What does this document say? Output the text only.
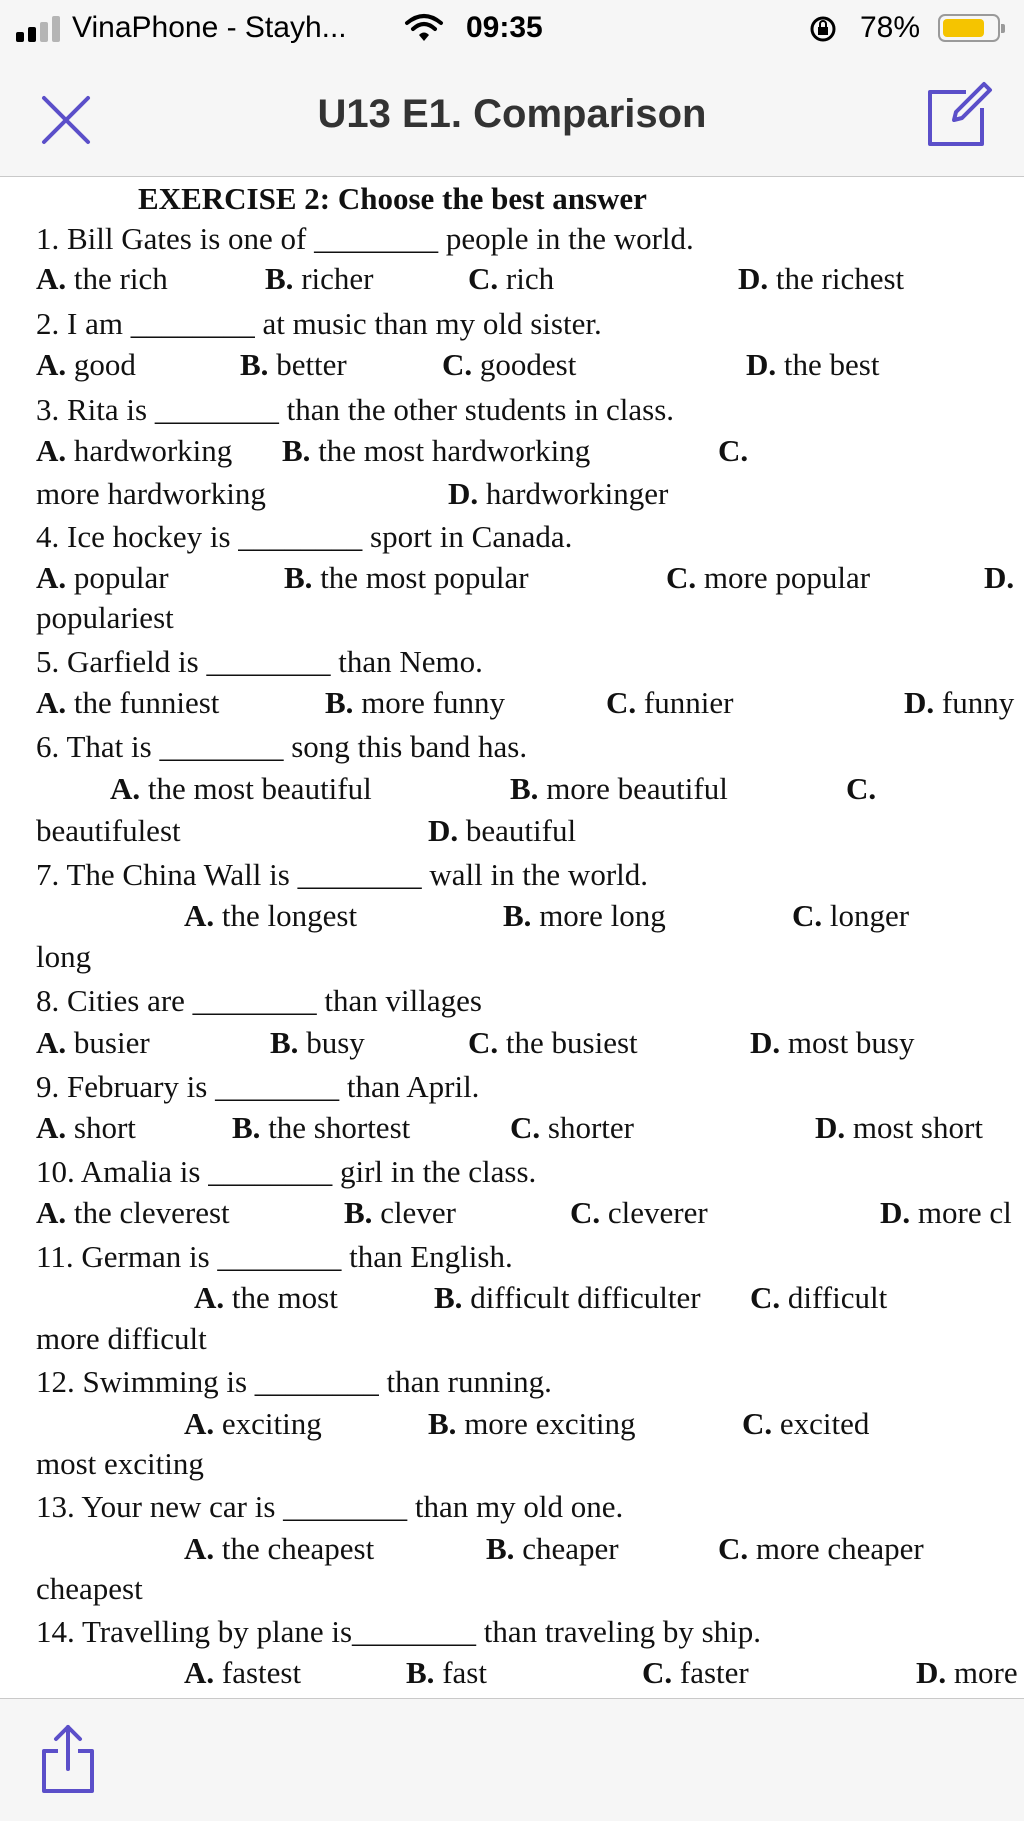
VinaPhone - Stayh...	09:35	78%
U13 E1. Comparison
EXERCISE 2: Choose the best answer
1. Bill Gates is one of ________ people in the world.
A. the rich	B. richer	C. rich	D. the richest
2. I am ________ at music than my old sister.
A. good	B. better	C. goodest	D. the best
3. Rita is ________ than the other students in class.
A. hardworking B. the most hardworking	C.
more hardworking	D. hardworkinger
4. Ice hockey is ________ sport in Canada.
A. popular	B. the most popular	C. more popular	D.
populariest
5. Garfield is ________ than Nemo.
A. the funniest	B. more funny	C. funnier	D. funny
6. That is ________ song this band has.
A. the most beautiful	B. more beautiful	C.
beautifulest	D. beautiful
7. The China Wall is ________ wall in the world.
A. the longest	B. more long	C. longer
long
8. Cities are ________ than villages
A. busier	B. busy	C. the busiest	D. most busy
9. February is ________ than April.
A. short	B. the shortest	C. shorter	D. most short
10. Amalia is ________ girl in the class.
A. the cleverest	B. clever	C. cleverer	D. more cl
11. German is ________ than English.
A. the most	B. difficult difficulter C. difficult
more difficult
12. Swimming is ________ than running.
A. exciting	B. more exciting	C. excited
most exciting
13. Your new car is ________ than my old one.
A. the cheapest	B. cheaper	C. more cheaper
cheapest
14. Travelling by plane is________ than traveling by ship.
A. fastest	B. fast	C. faster	D. more
